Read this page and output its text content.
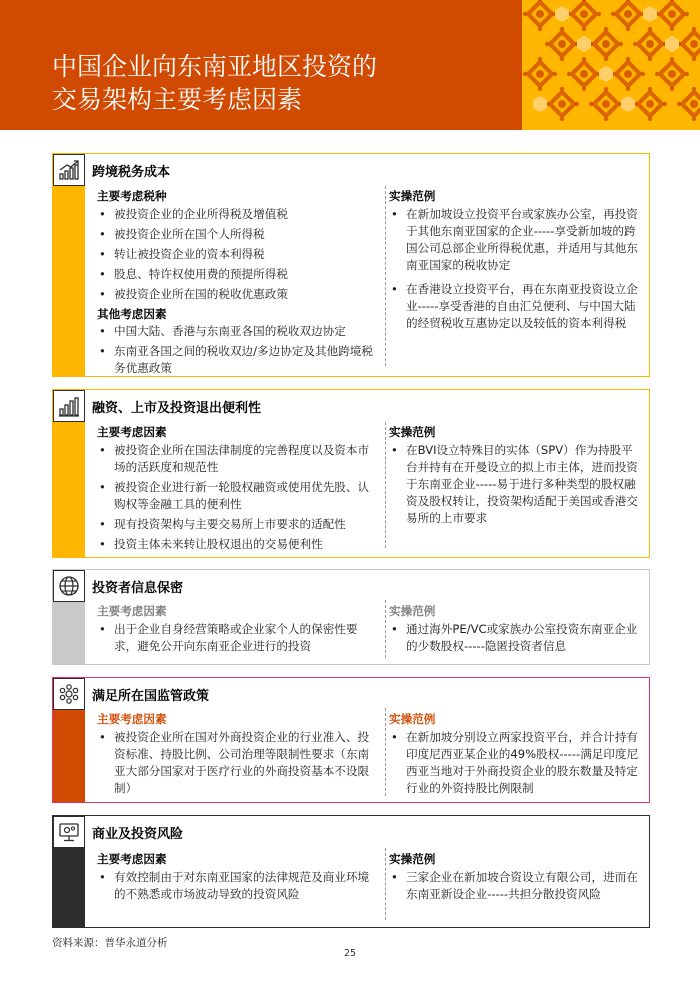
中国企业向东南亚地区投资的
交易架构主要考虑因素
跨境税务成本
主要考虑税种
• 被投资企业的企业所得税及增值税
• 被投资企业所在国个人所得税
• 转让被投资企业的资本利得税
• 股息、特许权使用费的预提所得税
• 被投资企业所在国的税收优惠政策
其他考虑因素
• 中国大陆、香港与东南亚各国的税收双边协定
• 东南亚各国之间的税收双边/多边协定及其他跨境税务优惠政策
实操范例
• 在新加坡设立投资平台或家族办公室，再投资于其他东南亚国家的企业-----享受新加坡的跨国公司总部企业所得税优惠，并适用与其他东南亚国家的税收协定
• 在香港设立投资平台，再在东南亚投资设立企业-----享受香港的自由汇兑便利、与中国大陆的经贸税收互惠协定以及较低的资本利得税
融资、上市及投资退出便利性
主要考虑因素
• 被投资企业所在国法律制度的完善程度以及资本市场的活跃度和规范性
• 被投资企业进行新一轮股权融资或使用优先股、认购权等金融工具的便利性
• 现有投资架构与主要交易所上市要求的适配性
• 投资主体未来转让股权退出的交易便利性
实操范例
• 在BVI设立特殊目的实体（SPV）作为持股平台并持有在开曼设立的拟上市主体，进而投资于东南亚企业-----易于进行多种类型的股权融资及股权转让，投资架构适配于美国或香港交易所的上市要求
投资者信息保密
主要考虑因素
• 出于企业自身经营策略或企业家个人的保密性要求，避免公开向东南亚企业进行的投资
实操范例
• 通过海外PE/VC或家族办公室投资东南亚企业的少数股权-----隐匿投资者信息
满足所在国监管政策
主要考虑因素
• 被投资企业所在国对外商投资企业的行业准入、投资标准、持股比例、公司治理等限制性要求（东南亚大部分国家对于医疗行业的外商投资基本不设限制）
实操范例
• 在新加坡分别设立两家投资平台，并合计持有印度尼西亚某企业的49%股权-----满足印度尼西亚当地对于外商投资企业的股东数量及特定行业的外资持股比例限制
商业及投资风险
主要考虑因素
• 有效控制由于对东南亚国家的法律规范及商业环境的不熟悉或市场波动导致的投资风险
实操范例
• 三家企业在新加坡合资设立有限公司，进而在东南亚新设企业-----共担分散投资风险
资料来源：普华永道分析
25
